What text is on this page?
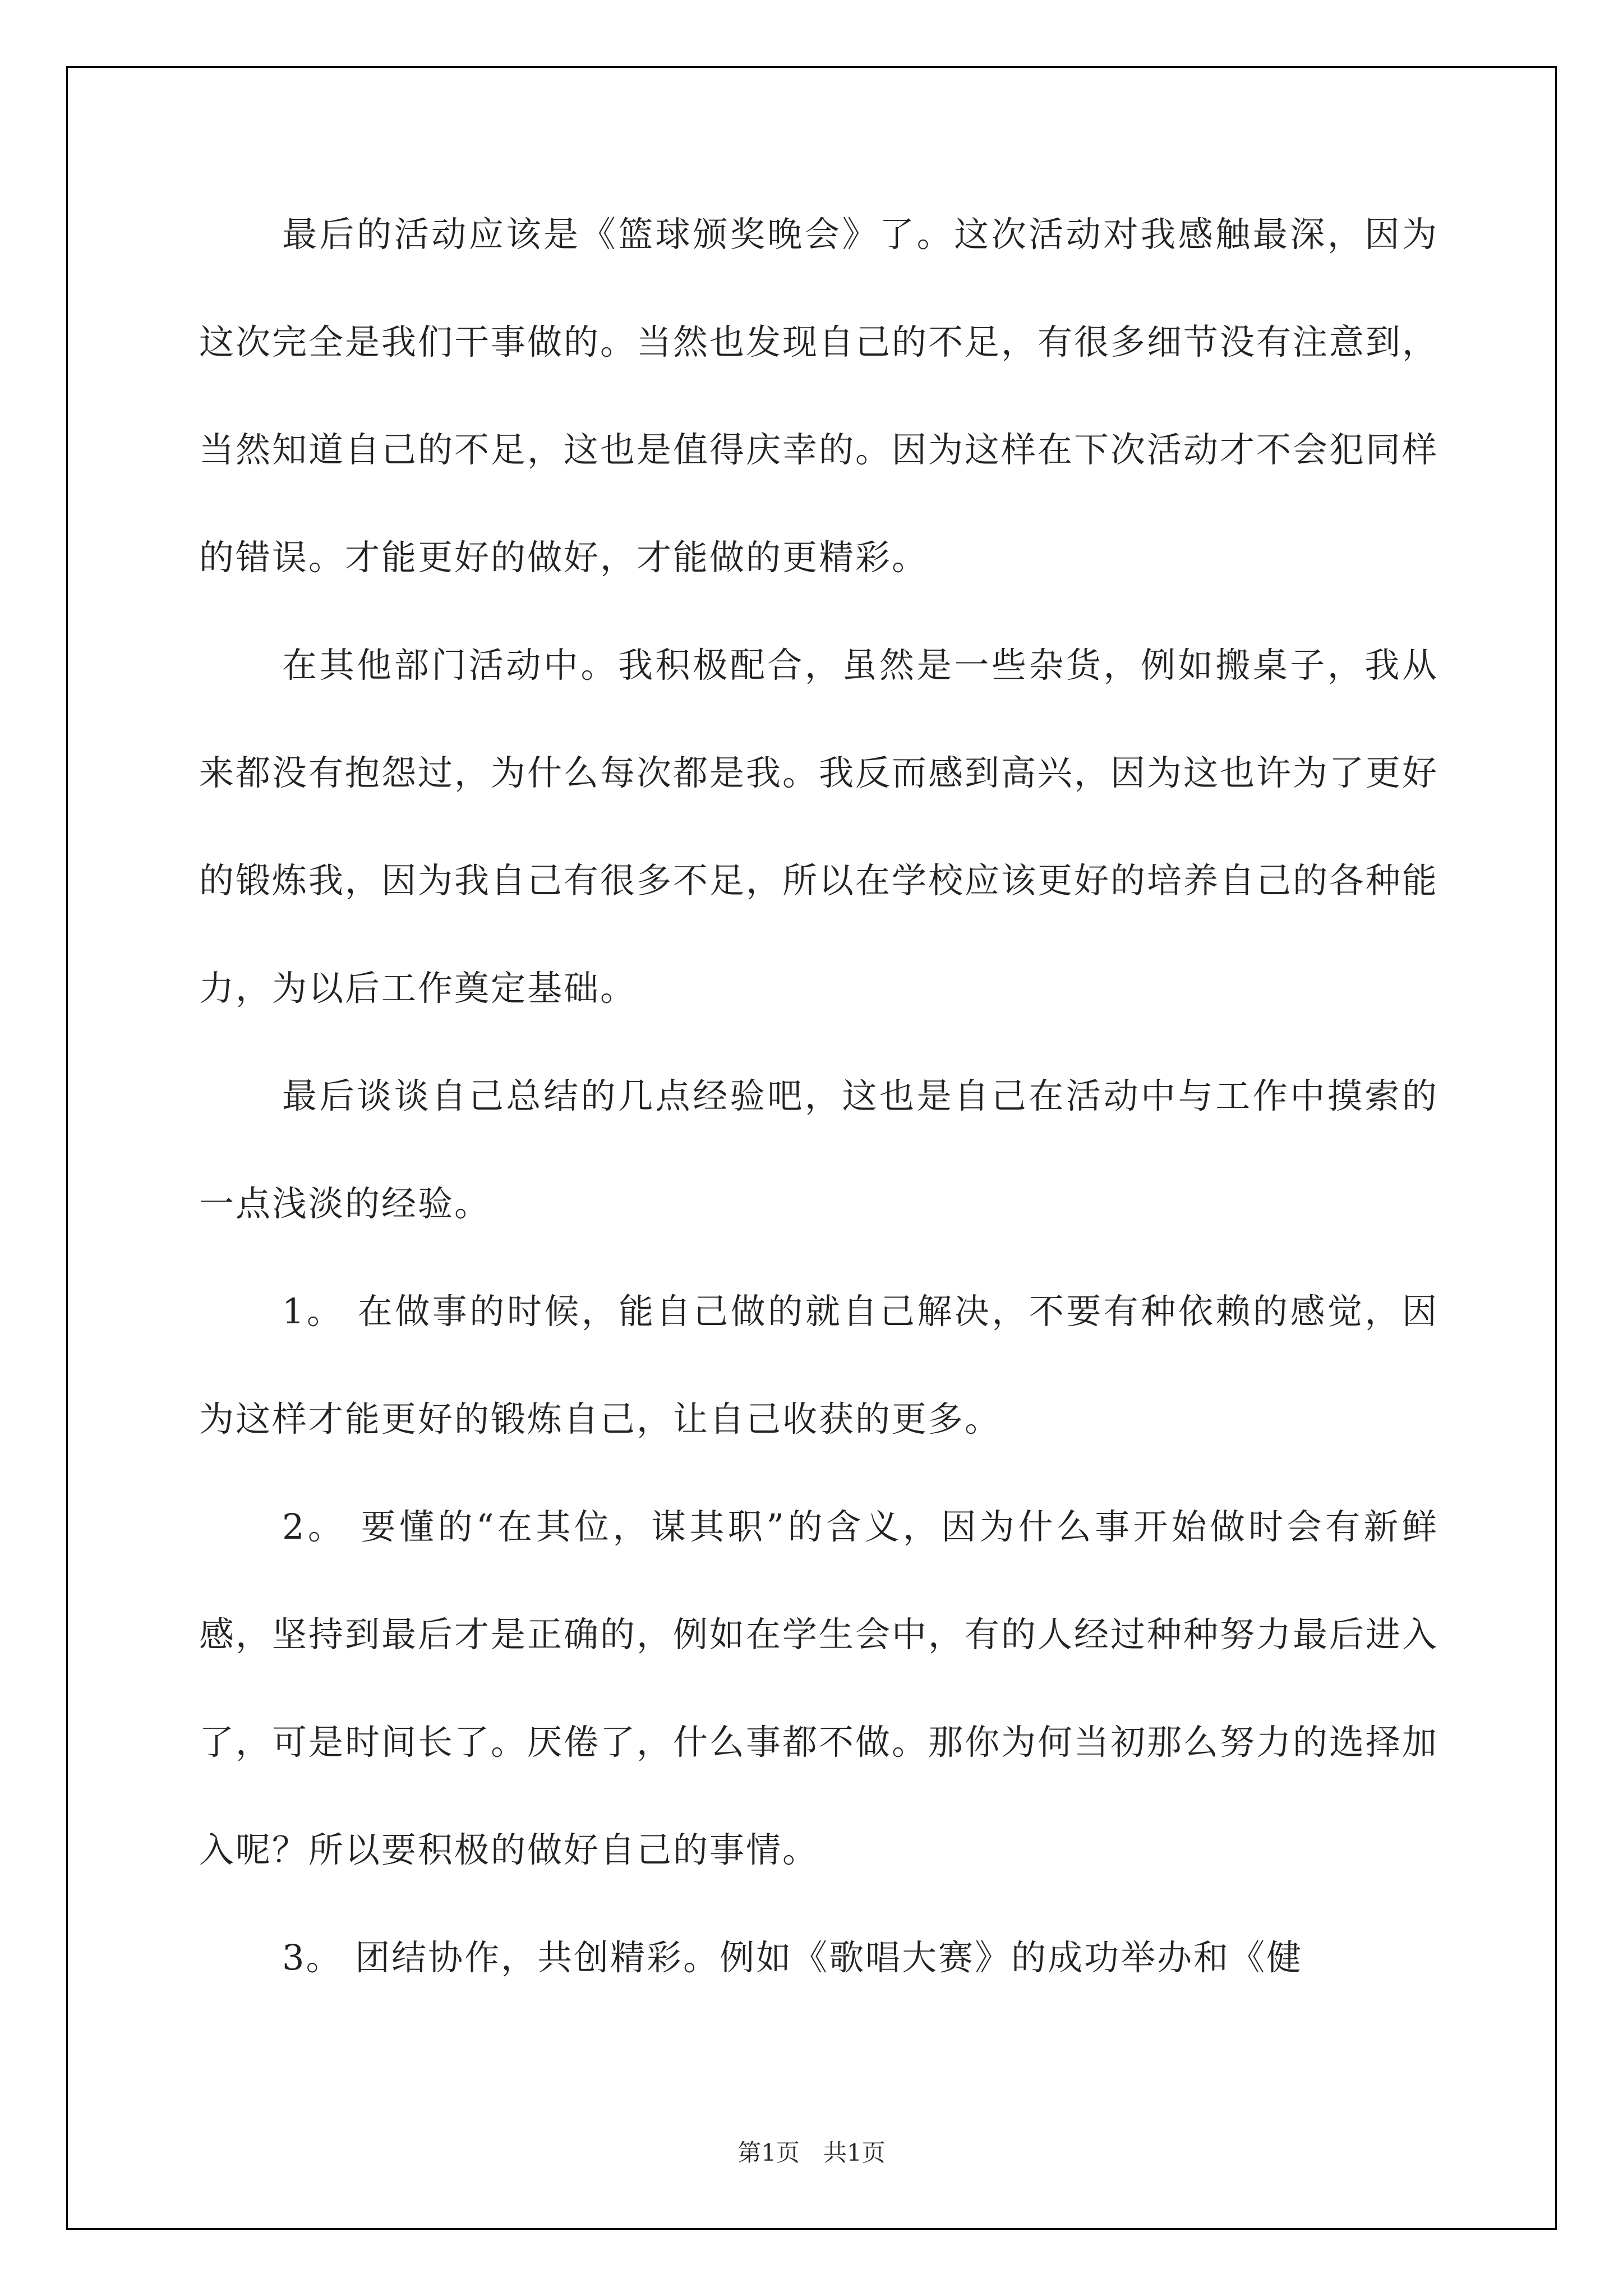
最后的活动应该是《篮球颁奖晚会》了。这次活动对我感触最深，因为这次完全是我们干事做的。当然也发现自己的不足，有很多细节没有注意到，当然知道自己的不足，这也是值得庆幸的。因为这样在下次活动才不会犯同样的错误。才能更好的做好，才能做的更精彩。

在其他部门活动中。我积极配合，虽然是一些杂货，例如搬桌子，我从来都没有抱怨过，为什么每次都是我。我反而感到高兴，因为这也许为了更好的锻炼我，因为我自己有很多不足，所以在学校应该更好的培养自己的各种能力，为以后工作奠定基础。

最后谈谈自己总结的几点经验吧，这也是自己在活动中与工作中摸索的一点浅淡的经验。

1。 在做事的时候，能自己做的就自己解决，不要有种依赖的感觉，因为这样才能更好的锻炼自己，让自己收获的更多。

2。 要懂的“在其位，谋其职”的含义，因为什么事开始做时会有新鲜感，坚持到最后才是正确的，例如在学生会中，有的人经过种种努力最后进入了，可是时间长了。厌倦了，什么事都不做。那你为何当初那么努力的选择加入呢？所以要积极的做好自己的事情。

3。 团结协作，共创精彩。例如《歌唱大赛》的成功举办和《健

第1页　共1页
